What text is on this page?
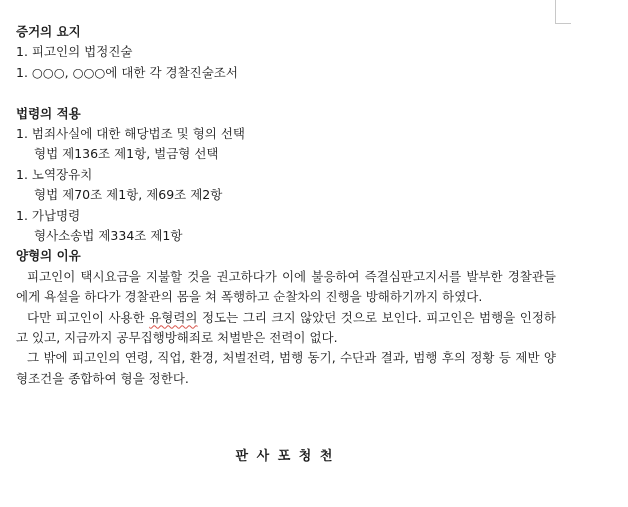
증거의 요지
1. 피고인의 법정진술
1. ○○○, ○○○에 대한 각 경찰진술조서
법령의 적용
1. 범죄사실에 대한 해당법조 및 형의 선택
형법 제136조 제1항, 벌금형 선택
1. 노역장유치
형법 제70조 제1항, 제69조 제2항
1. 가납명령
형사소송법 제334조 제1항
양형의 이유

피고인이 택시요금을 지불할 것을 권고하다가 이에 불응하여 즉결심판고지서를 발부한 경찰관들에게 욕설을 하다가 경찰관의 몸을 쳐 폭행하고 순찰차의 진행을 방해하기까지 하였다.

다만 피고인이 사용한 유형력의 정도는 그리 크지 않았던 것으로 보인다. 피고인은 범행을 인정하고 있고, 지금까지 공무집행방해죄로 처벌받은 전력이 없다.

그 밖에 피고인의 연령, 직업, 환경, 처벌전력, 범행 동기, 수단과 결과, 범행 후의 정황 등 제반 양형조건을 종합하여 형을 정한다.

판 사 포 청 천
